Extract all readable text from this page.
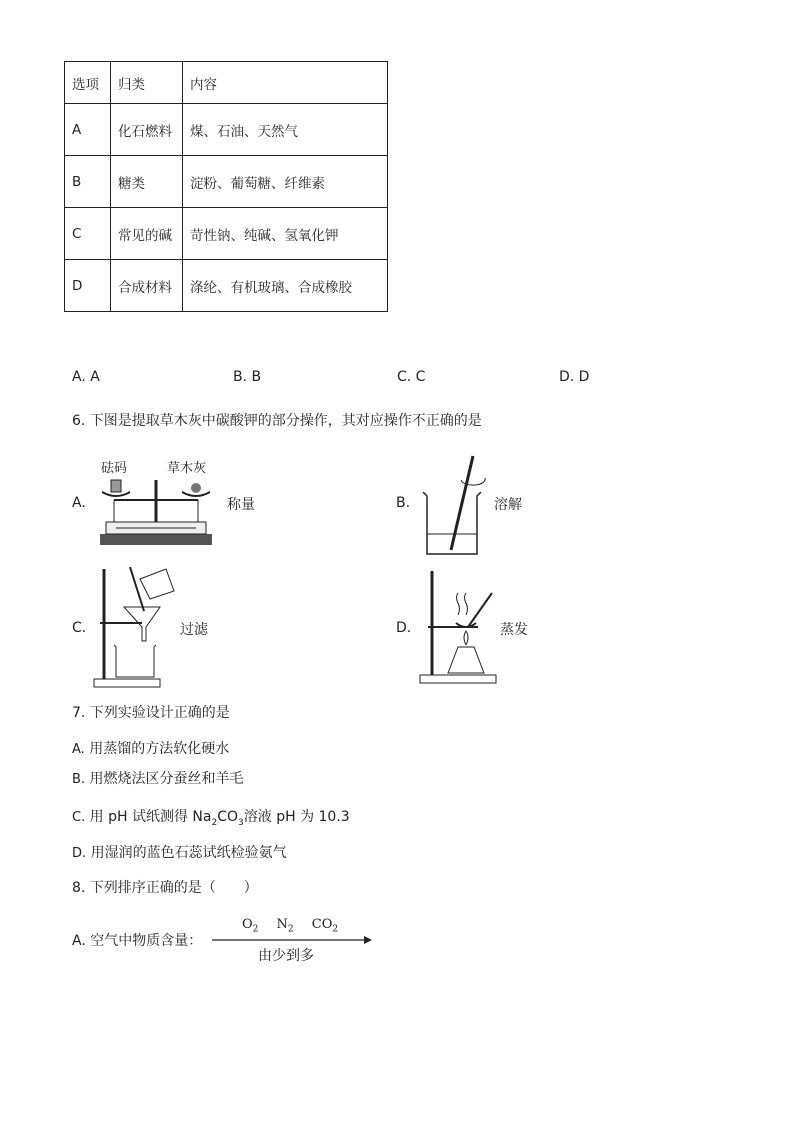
选项	归类	内容
A	化石燃料	煤、石油、天然气
B	糖类	淀粉、葡萄糖、纤维素
C	常见的碱	苛性钠、纯碱、氢氧化钾
D	合成材料	涤纶、有机玻璃、合成橡胶
A. A	B. B	C. C	D. D
6. 下图是提取草木灰中碳酸钾的部分操作，其对应操作不正确的是
A.
砝码	草木灰
称量	B.	溶解
C.	过滤	D.	蒸发
7. 下列实验设计正确的是
A. 用蒸馏的方法软化硬水
B. 用燃烧法区分蚕丝和羊毛
C. 用 pH 试纸测得 $Na_2CO_3$溶液 pH 为 10.3
D. 用湿润的蓝色石蕊试纸检验氨气
8. 下列排序正确的是（　　）
A. 空气中物质含量：
$O_2$ $N_2$ $CO_2$
由少到多
